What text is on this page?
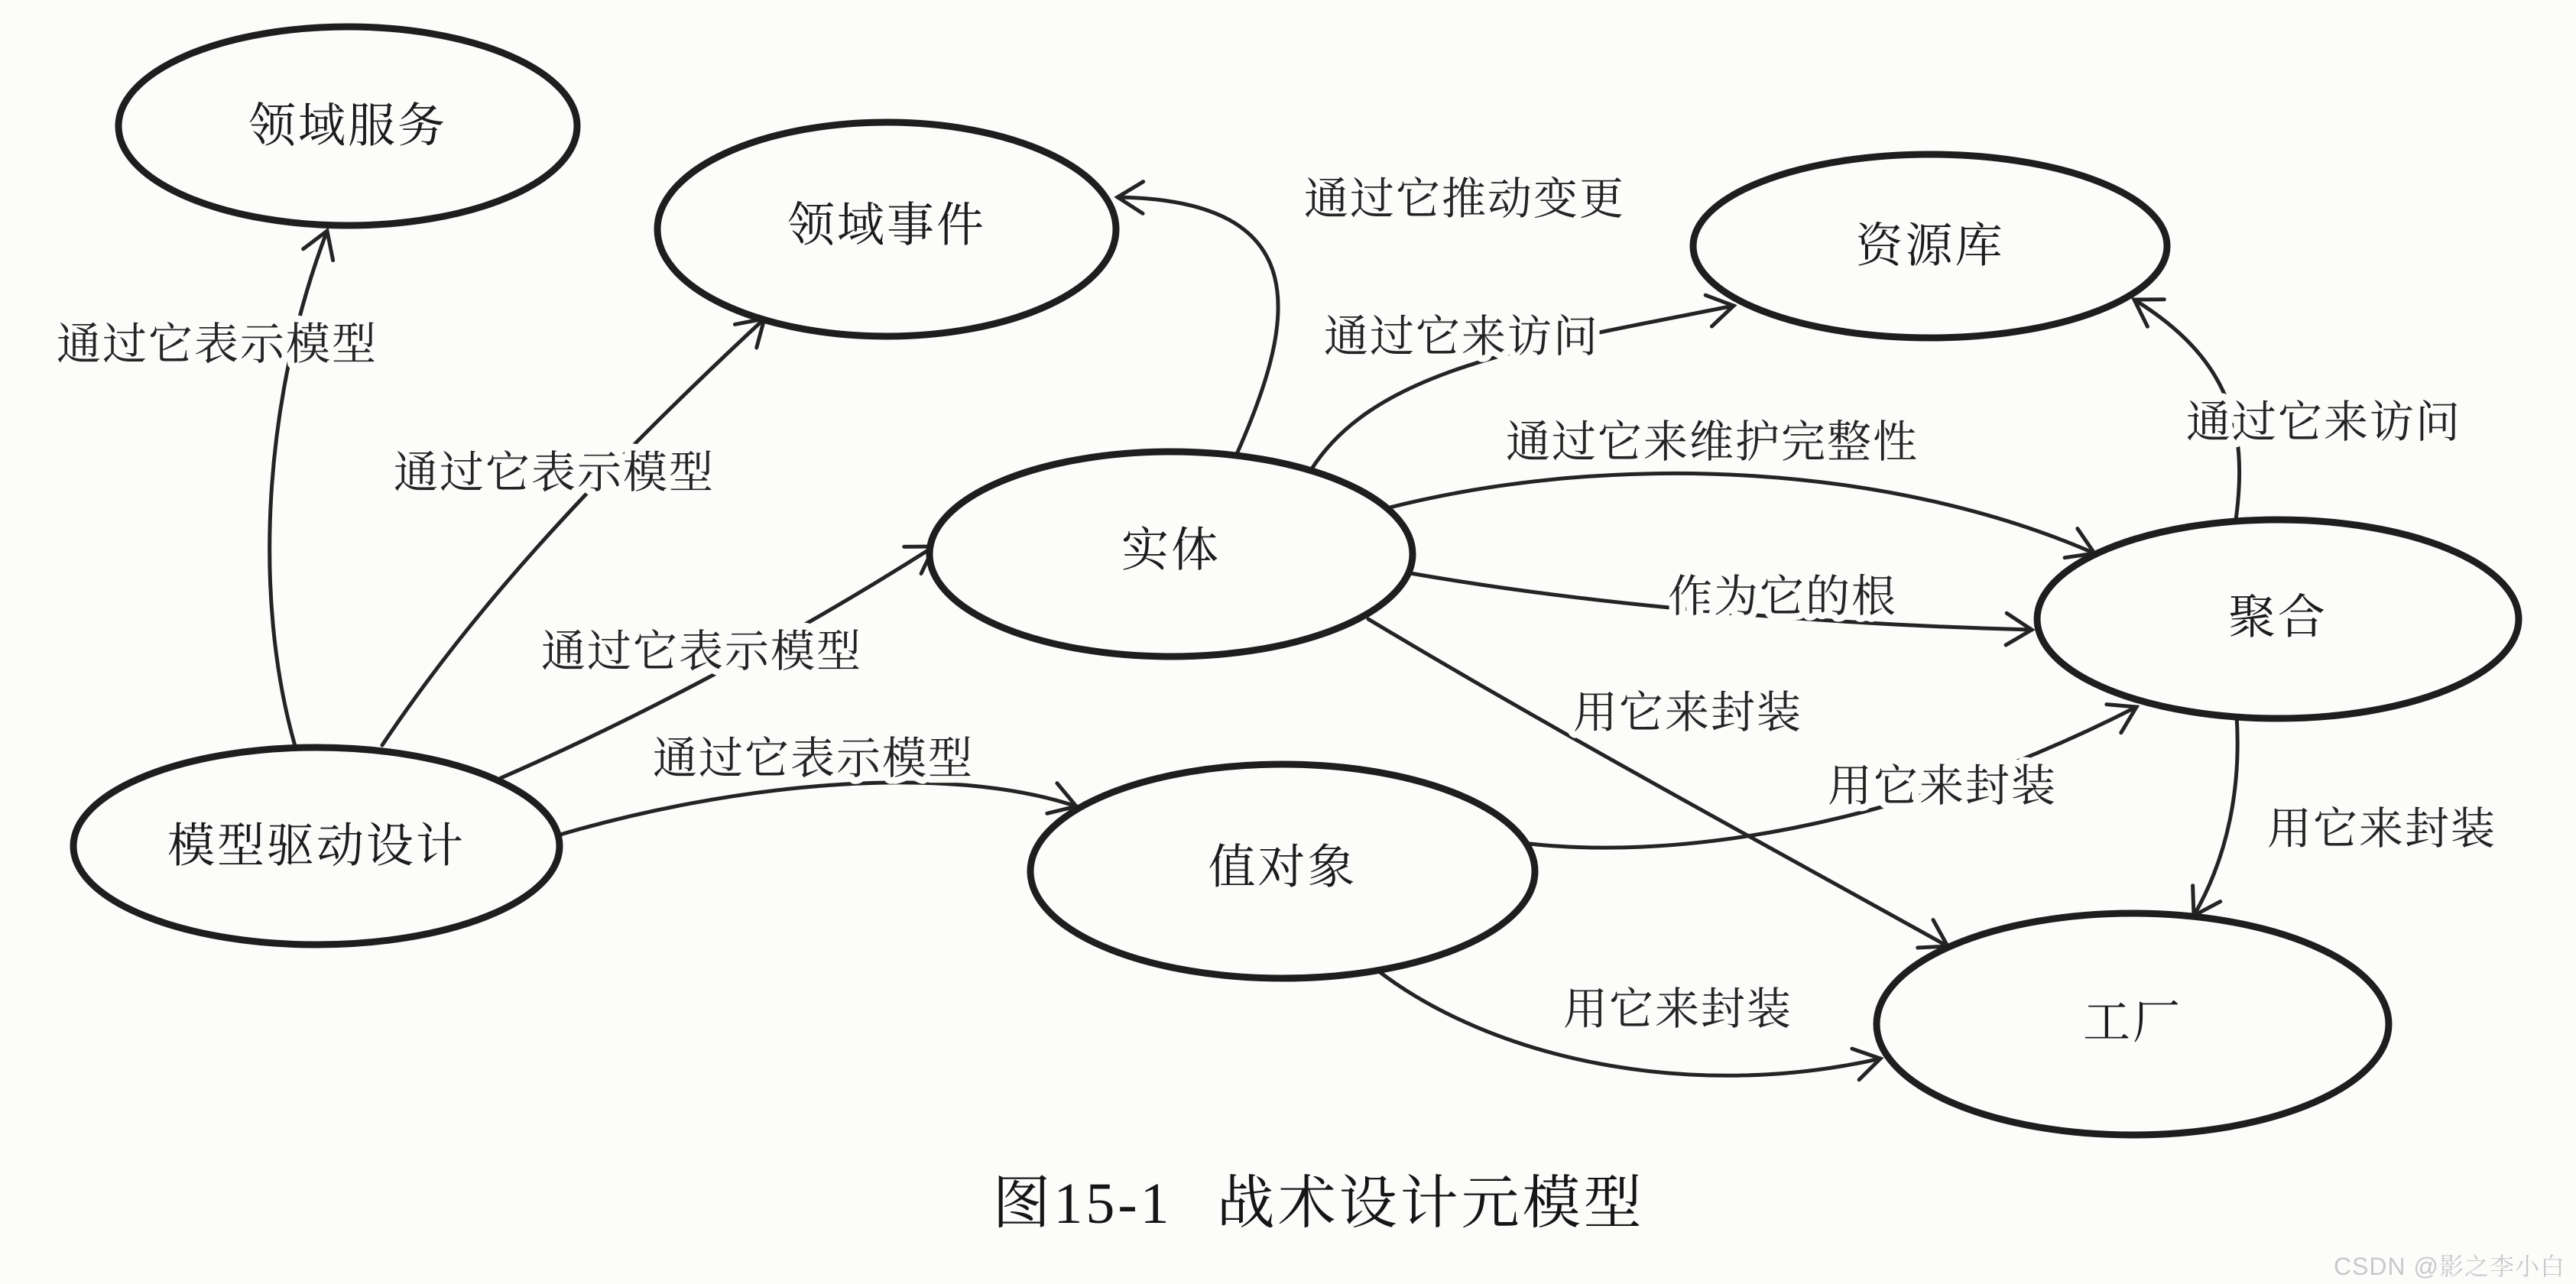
领域服务
领域事件	资源库
实体
聚合
模型驱动设计	值对象
工厂
通过它表示模型
通过它表示模型
通过它表示模型
通过它表示模型
通过它推动变更
通过它来访问
通过它来访问
通过它来维护完整性
作为它的根
用它来封装
用它来封装
用它来封装
用它来封装
图15-1 战术设计元模型
CSDN @影之李小白
